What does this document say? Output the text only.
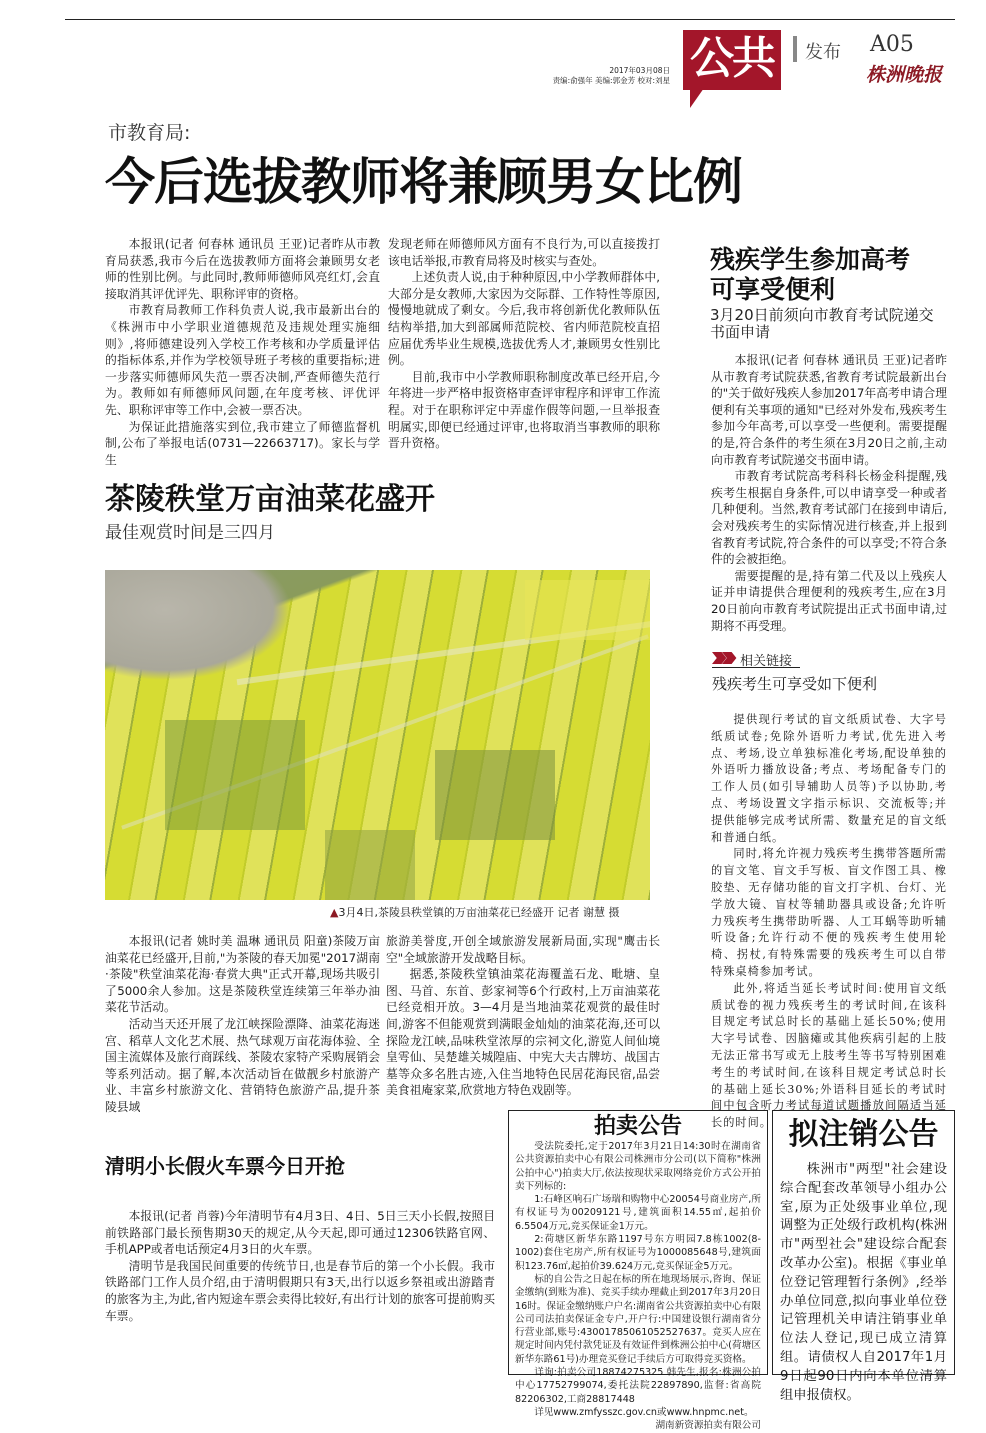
2017年03月08日
责编:俞强年 美编:郭金芳 校对:刘星 公共	发布 A05
株洲晚报
市教育局:
今后选拔教师将兼顾男女比例

本报讯(记者 何春林 通讯员 王亚)记者昨从市教育局获悉,我市今后在选拔教师方面将会兼顾男女老师的性别比例。与此同时,教师师德师风亮红灯,会直接取消其评优评先、职称评审的资格。

市教育局教师工作科负责人说,我市最新出台的《株洲市中小学职业道德规范及违规处理实施细则》,将师德建设列入学校工作考核和办学质量评估的指标体系,并作为学校领导班子考核的重要指标;进一步落实师德师风失范一票否决制,严查师德失范行为。教师如有师德师风问题,在年度考核、评优评先、职称评审等工作中,会被一票否决。

为保证此措施落实到位,我市建立了师德监督机制,公布了举报电话(0731—22663717)。家长与学生

发现老师在师德师风方面有不良行为,可以直接拨打该电话举报,市教育局将及时核实与查处。

上述负责人说,由于种种原因,中小学教师群体中,大部分是女教师,大家因为交际群、工作特性等原因,慢慢地就成了剩女。今后,我市将创新优化教师队伍结构举措,加大到部属师范院校、省内师范院校直招应届优秀毕业生规模,选拔优秀人才,兼顾男女性别比例。

目前,我市中小学教师职称制度改革已经开启,今年将进一步严格申报资格审查评审程序和评审工作流程。对于在职称评定中弄虚作假等问题,一旦举报查明属实,即便已经通过评审,也将取消当事教师的职称晋升资格。

残疾学生参加高考
可享受便利
3月20日前须向市教育考试院递交书面申请

本报讯(记者 何春林 通讯员 王亚)记者昨从市教育考试院获悉,省教育考试院最新出台的"关于做好残疾人参加2017年高考申请合理便利有关事项的通知"已经对外发布,残疾考生参加今年高考,可以享受一些便利。需要提醒的是,符合条件的考生须在3月20日之前,主动向市教育考试院递交书面申请。

市教育考试院高考科科长杨金科提醒,残疾考生根据自身条件,可以申请享受一种或者几种便利。当然,教育考试部门在接到申请后,会对残疾考生的实际情况进行核查,并上报到省教育考试院,符合条件的可以享受;不符合条件的会被拒绝。

需要提醒的是,持有第二代及以上残疾人证并申请提供合理便利的残疾考生,应在3月20日前向市教育考试院提出正式书面申请,过期将不再受理。

相关链接
残疾考生可享受如下便利

提供现行考试的盲文纸质试卷、大字号纸质试卷;免除外语听力考试,优先进入考点、考场,设立单独标准化考场,配设单独的外语听力播放设备;考点、考场配备专门的工作人员(如引导辅助人员等)予以协助,考点、考场设置文字指示标识、交流板等;并提供能够完成考试所需、数量充足的盲文纸和普通白纸。

同时,将允许视力残疾考生携带答题所需的盲文笔、盲文手写板、盲文作图工具、橡胶垫、无存储功能的盲文打字机、台灯、光学放大镜、盲杖等辅助器具或设备;允许听力残疾考生携带助听器、人工耳蜗等助听辅听设备;允许行动不便的残疾考生使用轮椅、拐杖,有特殊需要的残疾考生可以自带特殊桌椅参加考试。

此外,将适当延长考试时间:使用盲文纸质试卷的视力残疾考生的考试时间,在该科目规定考试总时长的基础上延长50%;使用大字号试卷、因脑瘫或其他疾病引起的上肢无法正常书写或无上肢考生等书写特别困难考生的考试时间,在该科目规定考试总时长的基础上延长30%;外语科目延长的考试时间中包含听力考试每道试题播放间隔适当延长的时间。

茶陵秩堂万亩油菜花盛开
最佳观赏时间是三四月
▲3月4日,茶陵县秩堂镇的万亩油菜花已经盛开 记者 谢慧 摄

本报讯(记者 姚时美 温琳 通讯员 阳童)茶陵万亩油菜花已经盛开,目前,"为茶陵的春天加冕"2017湖南·茶陵"秩堂油菜花海·春赏大典"正式开幕,现场共吸引了5000余人参加。这是茶陵秩堂连续第三年举办油菜花节活动。

活动当天还开展了龙江峡探险漂降、油菜花海迷宫、稻草人文化艺术展、热气球观万亩花海体验、全国主流媒体及旅行商踩线、茶陵农家特产采购展销会等系列活动。据了解,本次活动旨在做靓乡村旅游产业、丰富乡村旅游文化、营销特色旅游产品,提升茶陵县域

旅游美誉度,开创全域旅游发展新局面,实现"鹰击长空"全域旅游开发战略目标。

据悉,茶陵秩堂镇油菜花海覆盖石龙、毗塘、皇图、马首、东首、彭家祠等6个行政村,上万亩油菜花已经竞相开放。3—4月是当地油菜花观赏的最佳时间,游客不但能观赏到满眼金灿灿的油菜花海,还可以探险龙江峡,品味秩堂浓厚的宗祠文化,游览人间仙境皇雩仙、吴楚雄关城隍庙、中宪大夫古牌坊、战国古墓等众多名胜古迹,入住当地特色民居花海民宿,品尝美食祖庵家菜,欣赏地方特色戏剧等。

清明小长假火车票今日开抢

本报讯(记者 肖蓉)今年清明节有4月3日、4日、5日三天小长假,按照目前铁路部门最长预售期30天的规定,从今天起,即可通过12306铁路官网、手机APP或者电话预定4月3日的火车票。

清明节是我国民间重要的传统节日,也是春节后的第一个小长假。我市铁路部门工作人员介绍,由于清明假期只有3天,出行以返乡祭祖或出游踏青的旅客为主,为此,省内短途车票会卖得比较好,有出行计划的旅客可提前购买车票。

拍卖公告

受法院委托,定于2017年3月21日14:30时在湖南省公共资源拍卖中心有限公司株洲市分公司(以下简称"株洲公拍中心")拍卖大厅,依法按现状采取网络竞价方式公开拍卖下列标的:

1:石峰区响石广场瑞和购物中心20054号商业房产,所有权证号为00209121号,建筑面积14.55㎡,起拍价6.5504万元,竞买保证金1万元。

2:荷塘区新华东路1197号东方明园7.8栋1002(8-1002)套住宅房产,所有权证号为1000085648号,建筑面积123.76㎡,起拍价39.624万元,竞买保证金5万元。

标的自公告之日起在标的所在地现场展示,咨询、保证金缴纳(到账为准)、竞买手续办理截止到2017年3月20日16时。保证金缴纳账户户名:湖南省公共资源拍卖中心有限公司司法拍卖保证金专户,开户行:中国建设银行湖南省分行营业部,账号:43001785061052527637。竞买人应在规定时间内凭付款凭证及有效证件到株洲公拍中心(荷塘区新华东路61号)办理竞买登记手续后方可取得竞买资格。

详询:拍卖公司18874275325 韩先生,报名:株洲公拍中心17752799074,委托法院22897890,监督:省高院82206302,工商28817448

详见www.zmfysszc.gov.cn或www.hnpmc.net。

湖南新资源拍卖有限公司
拟注销公告

株洲市"两型"社会建设综合配套改革领导小组办公室,原为正处级事业单位,现调整为正处级行政机构(株洲市"两型社会"建设综合配套改革办公室)。根据《事业单位登记管理暂行条例》,经举办单位同意,拟向事业单位登记管理机关申请注销事业单位法人登记,现已成立清算组。请债权人自2017年1月9日起90日内向本单位清算组申报债权。
